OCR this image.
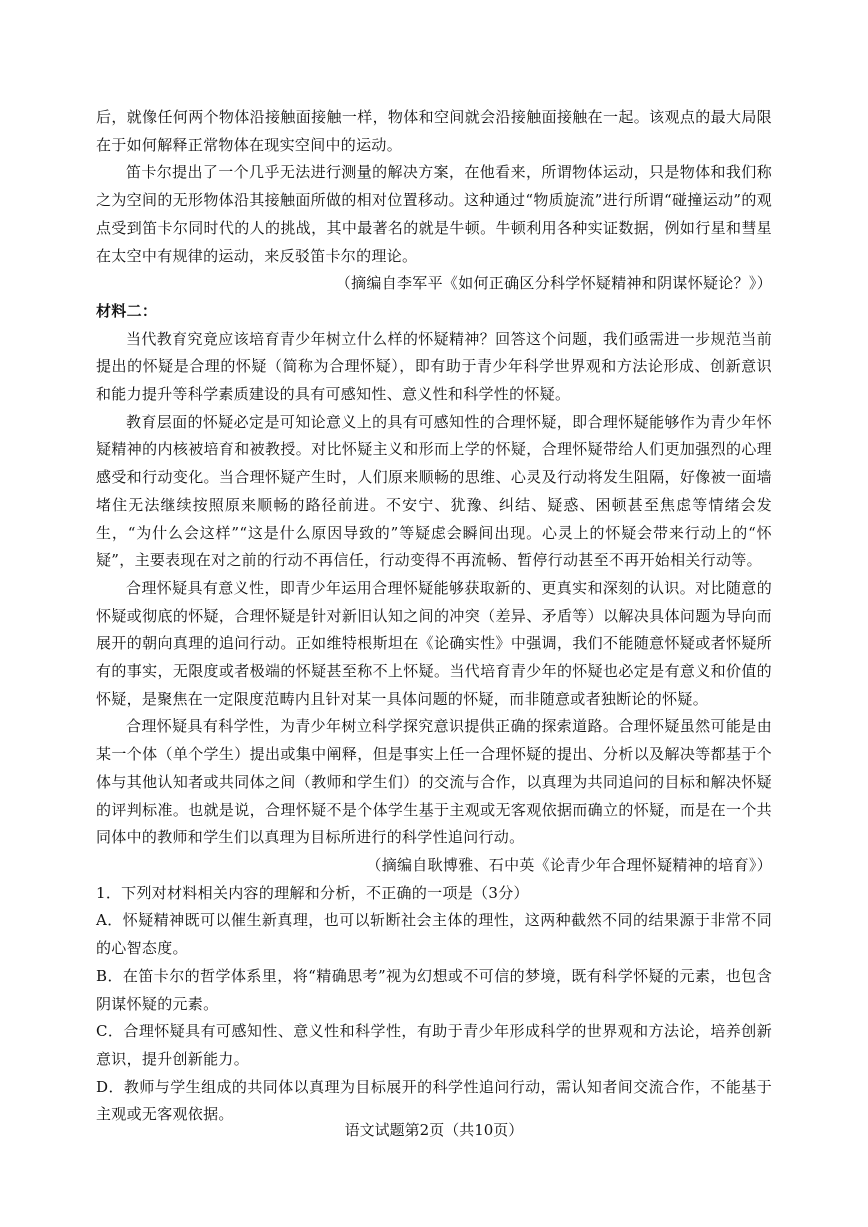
后，就像任何两个物体沿接触面接触一样，物体和空间就会沿接触面接触在一起。该观点的最大局限在于如何解释正常物体在现实空间中的运动。

笛卡尔提出了一个几乎无法进行测量的解决方案，在他看来，所谓物体运动，只是物体和我们称之为空间的无形物体沿其接触面所做的相对位置移动。这种通过“物质旋流”进行所谓“碰撞运动”的观点受到笛卡尔同时代的人的挑战，其中最著名的就是牛顿。牛顿利用各种实证数据，例如行星和彗星在太空中有规律的运动，来反驳笛卡尔的理论。

（摘编自李军平《如何正确区分科学怀疑精神和阴谋怀疑论？》）

材料二：

当代教育究竟应该培育青少年树立什么样的怀疑精神？回答这个问题，我们亟需进一步规范当前提出的怀疑是合理的怀疑（简称为合理怀疑），即有助于青少年科学世界观和方法论形成、创新意识和能力提升等科学素质建设的具有可感知性、意义性和科学性的怀疑。

教育层面的怀疑必定是可知论意义上的具有可感知性的合理怀疑，即合理怀疑能够作为青少年怀疑精神的内核被培育和被教授。对比怀疑主义和形而上学的怀疑，合理怀疑带给人们更加强烈的心理感受和行动变化。当合理怀疑产生时，人们原来顺畅的思维、心灵及行动将发生阻隔，好像被一面墙堵住无法继续按照原来顺畅的路径前进。不安宁、犹豫、纠结、疑惑、困顿甚至焦虑等情绪会发生，“为什么会这样”“这是什么原因导致的”等疑虑会瞬间出现。心灵上的怀疑会带来行动上的“怀疑”，主要表现在对之前的行动不再信任，行动变得不再流畅、暂停行动甚至不再开始相关行动等。

合理怀疑具有意义性，即青少年运用合理怀疑能够获取新的、更真实和深刻的认识。对比随意的怀疑或彻底的怀疑，合理怀疑是针对新旧认知之间的冲突（差异、矛盾等）以解决具体问题为导向而展开的朝向真理的追问行动。正如维特根斯坦在《论确实性》中强调，我们不能随意怀疑或者怀疑所有的事实，无限度或者极端的怀疑甚至称不上怀疑。当代培育青少年的怀疑也必定是有意义和价值的怀疑，是聚焦在一定限度范畴内且针对某一具体问题的怀疑，而非随意或者独断论的怀疑。

合理怀疑具有科学性，为青少年树立科学探究意识提供正确的探索道路。合理怀疑虽然可能是由某一个体（单个学生）提出或集中阐释，但是事实上任一合理怀疑的提出、分析以及解决等都基于个体与其他认知者或共同体之间（教师和学生们）的交流与合作，以真理为共同追问的目标和解决怀疑的评判标准。也就是说，合理怀疑不是个体学生基于主观或无客观依据而确立的怀疑，而是在一个共同体中的教师和学生们以真理为目标所进行的科学性追问行动。

（摘编自耿博雅、石中英《论青少年合理怀疑精神的培育》）

1．下列对材料相关内容的理解和分析，不正确的一项是（3分）

A．怀疑精神既可以催生新真理，也可以斩断社会主体的理性，这两种截然不同的结果源于非常不同的心智态度。

B．在笛卡尔的哲学体系里，将“精确思考”视为幻想或不可信的梦境，既有科学怀疑的元素，也包含阴谋怀疑的元素。

C．合理怀疑具有可感知性、意义性和科学性，有助于青少年形成科学的世界观和方法论，培养创新意识，提升创新能力。

D．教师与学生组成的共同体以真理为目标展开的科学性追问行动，需认知者间交流合作，不能基于主观或无客观依据。

语文试题第2页（共10页）
